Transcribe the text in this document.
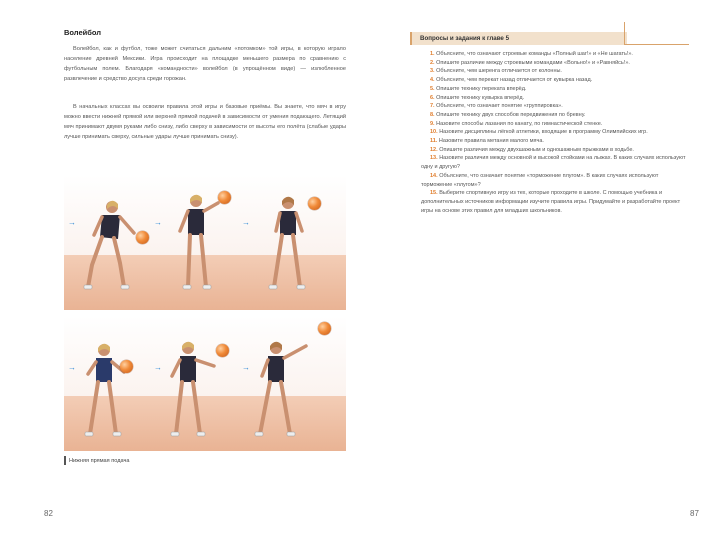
Волейбол

Волейбол, как и футбол, тоже может считаться дальним «потомком» той игры, в которую играло население древней Мексики. Игра происходит на площадке меньшего размера по сравнению с футбольным полем. Благодаря «командности» волейбол (в упрощённом виде) — излюбленное развлечение и средство досуга среди горожан.

В начальных классах вы освоили правила этой игры и базовые приёмы. Вы знаете, что мяч в игру можно ввести нижней прямой или верхней прямой подачей в зависимости от умения подающего. Летящий мяч принимают двумя руками либо снизу, либо сверху в зависимости от высоты его полёта (слабые удары лучше принимать сверху, сильные удары лучше принимать снизу).

→	→	→
→	→	→
Нижняя прямая подача
82
Вопросы и задания к главе 5
1. Объясните, что означают строевые команды «Полный шаг!» и «Не шагать!».
2. Опишите различие между строевыми командами «Вольно!» и «Равняйсь!».
3. Объясните, чем шеренга отличается от колонны.
4. Объясните, чем перекат назад отличается от кувырка назад.
5. Опишите технику переката вперёд.
6. Опишите технику кувырка вперёд.
7. Объясните, что означает понятие «группировка».
8. Опишите технику двух способов передвижения по бревну.
9. Назовите способы лазания по канату, по гимнастической стенке.
10. Назовите дисциплины лёгкой атлетики, входящие в программу Олимпийских игр.
11. Назовите правила метания малого мяча.
12. Опишите различия между двухшажным и одношажным прыжками в ходьбе.
13. Назовите различия между основной и высокой стойками на лыжах. В каких случаях используют одну и другую?
14. Объясните, что означает понятие «торможение плугом». В каких случаях используют торможение «плугом»?
15. Выберите спортивную игру из тех, которые проходите в школе. С помощью учебника и дополнительных источников информации изучите правила игры. Придумайте и разработайте проект игры на основе этих правил для младших школьников.
87
